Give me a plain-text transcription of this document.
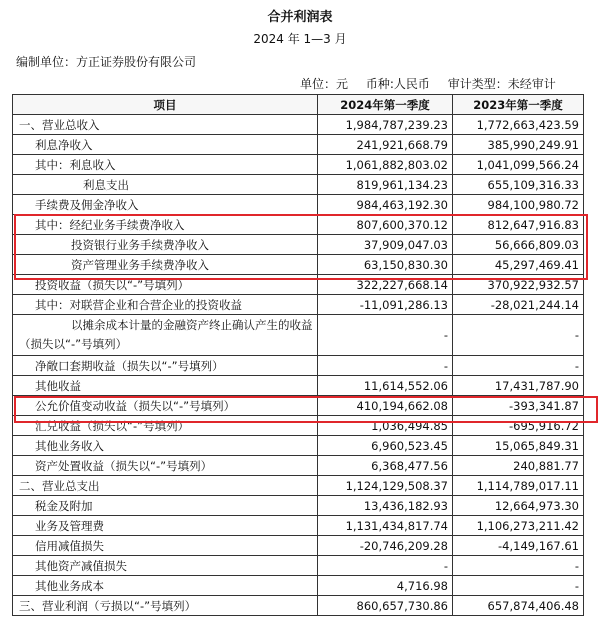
合并利润表
2024 年 1—3 月
编制单位：方正证券股份有限公司
单位：元 币种:人民币 审计类型：未经审计
项目	2024年第一季度	2023年第一季度
一、营业总收入	1,984,787,239.23	1,772,663,423.59
利息净收入	241,921,668.79	385,990,249.91
其中：利息收入	1,061,882,803.02	1,041,099,566.24
利息支出	819,961,134.23	655,109,316.33
手续费及佣金净收入	984,463,192.30	984,100,980.72
其中：经纪业务手续费净收入	807,600,370.12	812,647,916.83
投资银行业务手续费净收入	37,909,047.03	56,666,809.03
资产管理业务手续费净收入	63,150,830.30	45,297,469.41
投资收益（损失以“-”号填列）	322,227,668.14	370,922,932.57
其中：对联营企业和合营企业的投资收益	-11,091,286.13	-28,021,244.14
以摊余成本计量的金融资产终止确认产生的收益（损失以“-”号填列）	-	-
净敞口套期收益（损失以“-”号填列）	-	-
其他收益	11,614,552.06	17,431,787.90
公允价值变动收益（损失以“-”号填列）	410,194,662.08	-393,341.87
汇兑收益（损失以“-”号填列）	1,036,494.85	-695,916.72
其他业务收入	6,960,523.45	15,065,849.31
资产处置收益（损失以“-”号填列）	6,368,477.56	240,881.77
二、营业总支出	1,124,129,508.37	1,114,789,017.11
税金及附加	13,436,182.93	12,664,973.30
业务及管理费	1,131,434,817.74	1,106,273,211.42
信用减值损失	-20,746,209.28	-4,149,167.61
其他资产减值损失	-	-
其他业务成本	4,716.98	-
三、营业利润（亏损以“-”号填列）	860,657,730.86	657,874,406.48
